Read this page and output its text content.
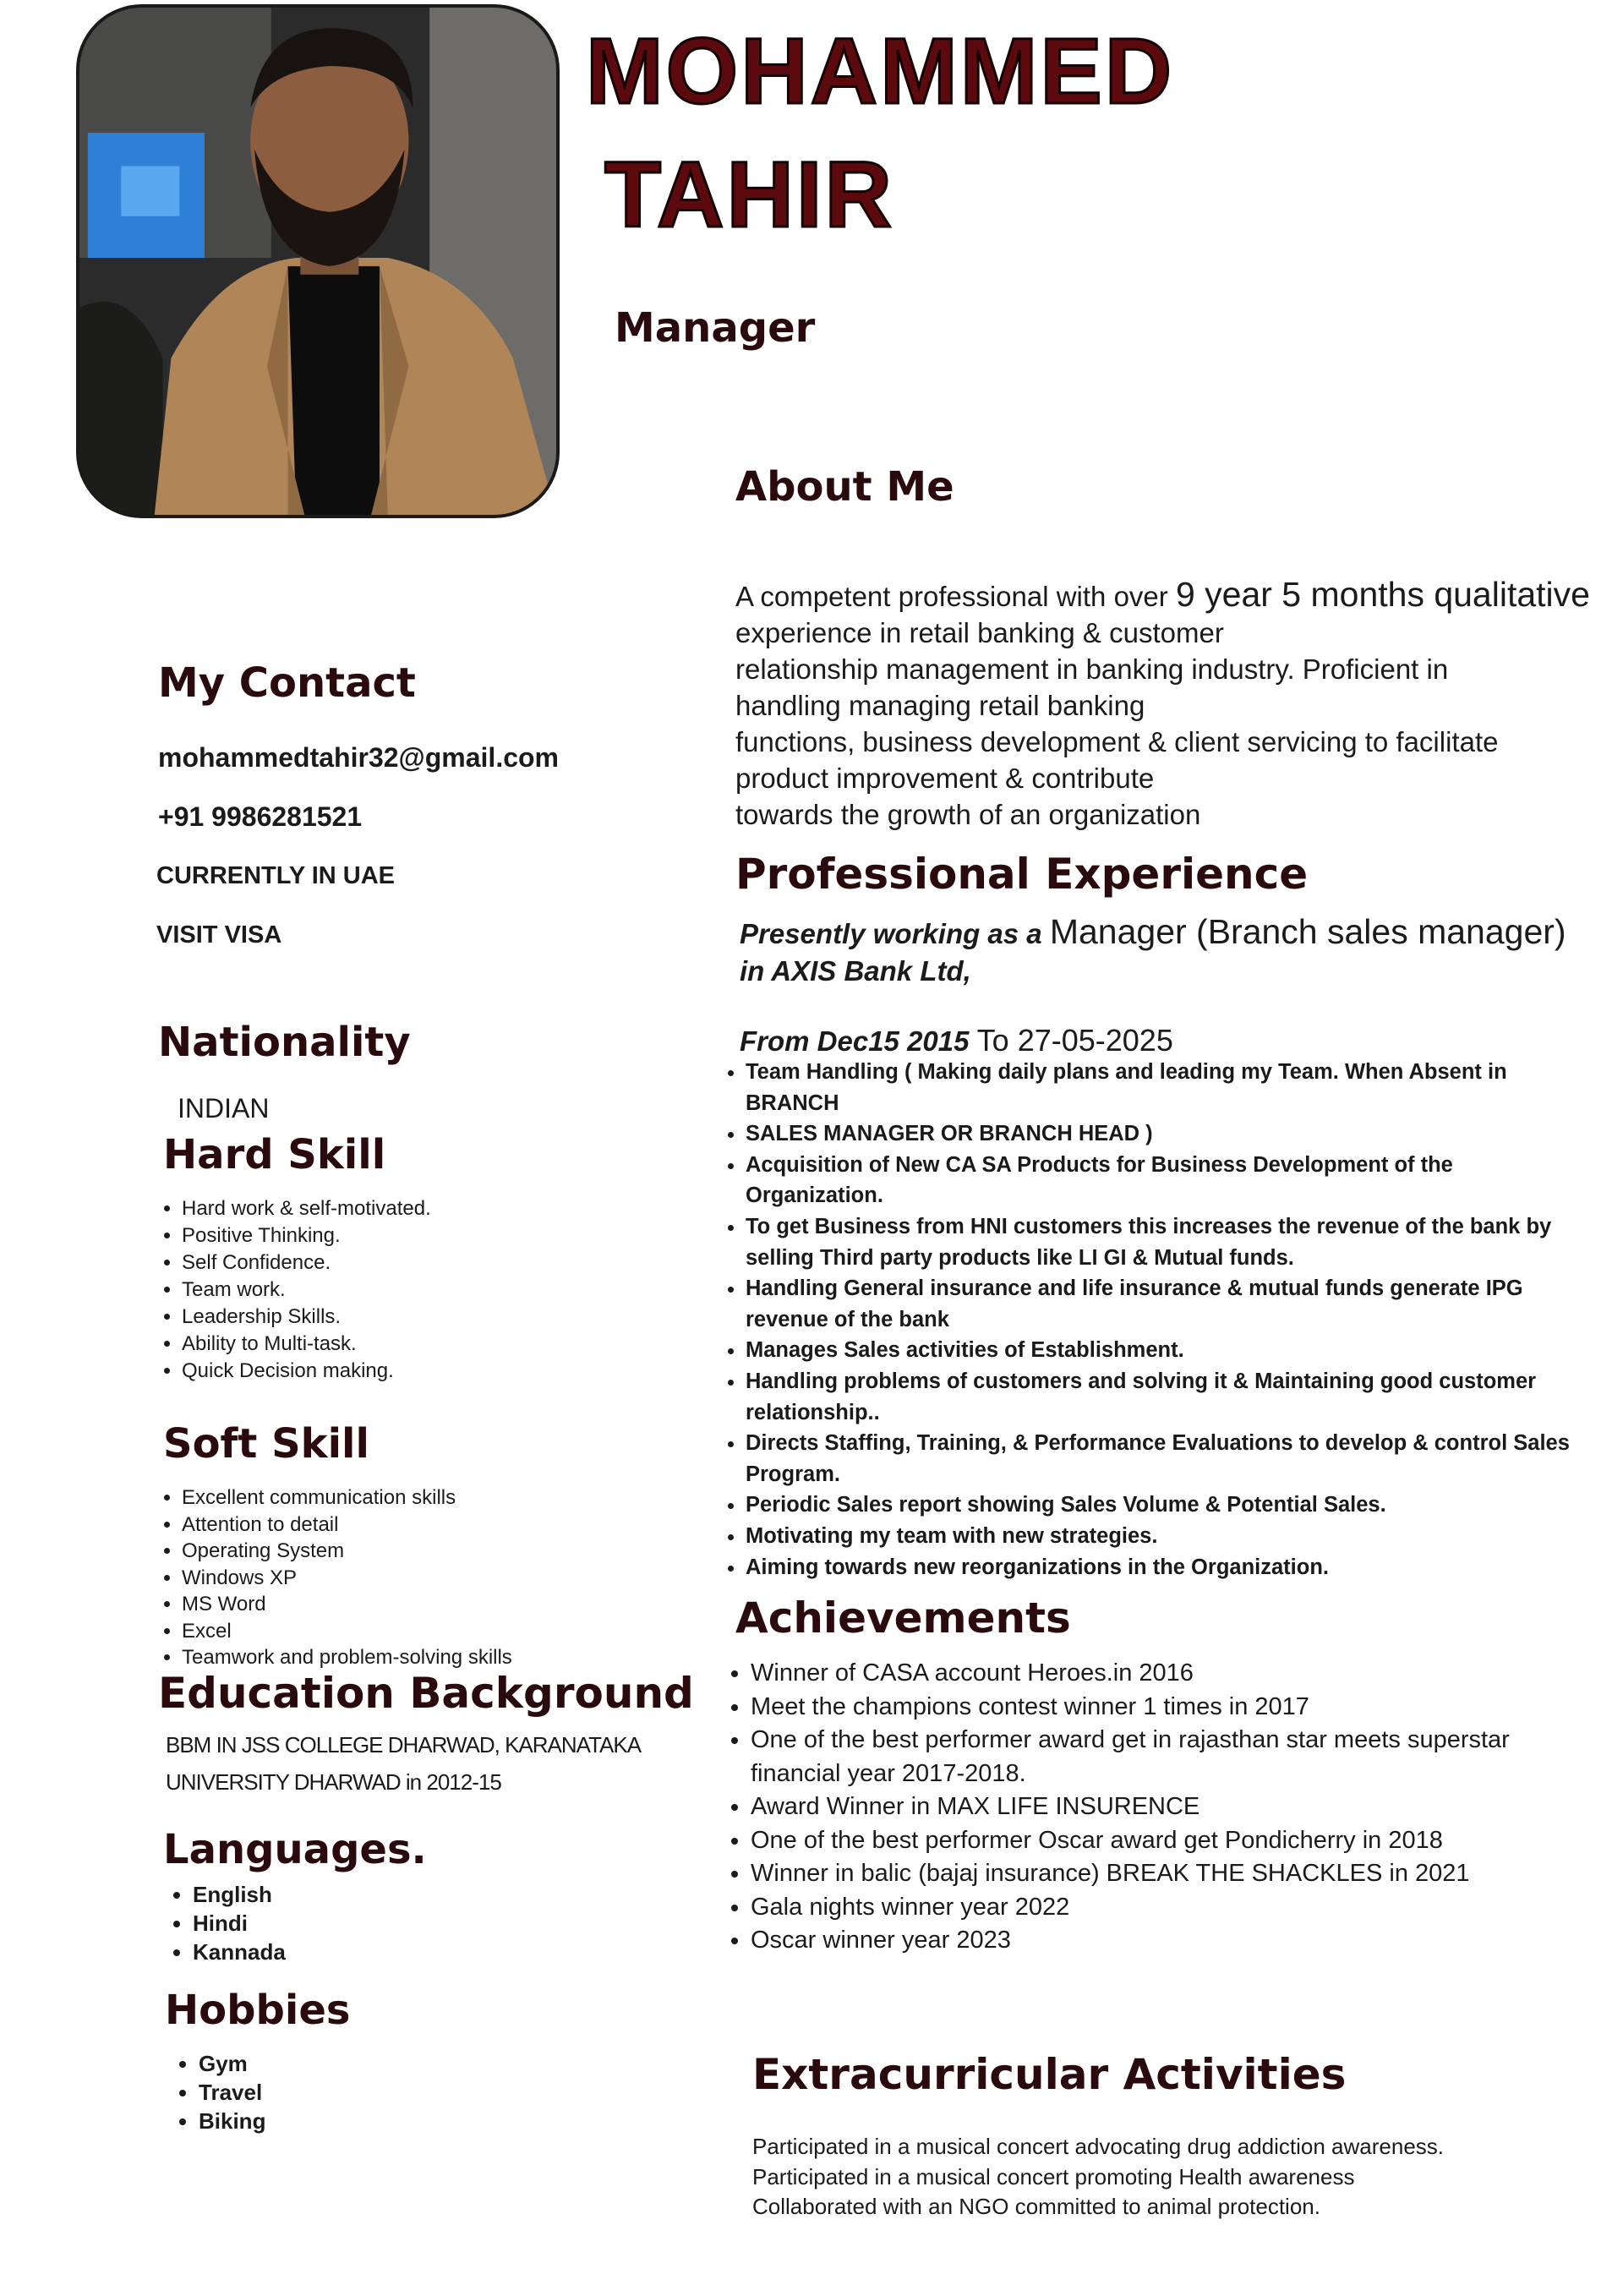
MOHAMMED
TAHIR
Manager
About Me
A competent professional with over 9 year 5 months qualitative
experience in retail banking & customer
relationship management in banking industry. Proficient in
handling managing retail banking
functions, business development & client servicing to facilitate
product improvement & contribute
towards the growth of an organization
Professional Experience
Presently working as a Manager (Branch sales manager)
in AXIS Bank Ltd,
From Dec15 2015 To 27-05-2025
• Team Handling ( Making daily plans and leading my Team. When Absent in BRANCH
• SALES MANAGER OR BRANCH HEAD )
• Acquisition of New CA SA Products for Business Development of the Organization.
• To get Business from HNI customers this increases the revenue of the bank by selling Third party products like LI GI & Mutual funds.
• Handling General insurance and life insurance & mutual funds generate IPG revenue of the bank
• Manages Sales activities of Establishment.
• Handling problems of customers and solving it & Maintaining good customer relationship..
• Directs Staffing, Training, & Performance Evaluations to develop & control Sales Program.
• Periodic Sales report showing Sales Volume & Potential Sales.
• Motivating my team with new strategies.
• Aiming towards new reorganizations in the Organization.
Achievements
• Winner of CASA account Heroes.in 2016
• Meet the champions contest winner 1 times in 2017
• One of the best performer award get in rajasthan star meets superstar financial year 2017-2018.
• Award Winner in MAX LIFE INSURENCE
• One of the best performer Oscar award get Pondicherry in 2018
• Winner in balic (bajaj insurance) BREAK THE SHACKLES in 2021
• Gala nights winner year 2022
• Oscar winner year 2023
Extracurricular Activities
Participated in a musical concert advocating drug addiction awareness.
Participated in a musical concert promoting Health awareness
Collaborated with an NGO committed to animal protection.
My Contact
mohammedtahir32@gmail.com
+91 9986281521
CURRENTLY IN UAE
VISIT VISA
Nationality
INDIAN
Hard Skill
• Hard work & self-motivated.
• Positive Thinking.
• Self Confidence.
• Team work.
• Leadership Skills.
• Ability to Multi-task.
• Quick Decision making.
Soft Skill
• Excellent communication skills
• Attention to detail
• Operating System
• Windows XP
• MS Word
• Excel
• Teamwork and problem-solving skills
Education Background
BBM IN JSS COLLEGE DHARWAD, KARANATAKA
UNIVERSITY DHARWAD in 2012-15
Languages.
• English
• Hindi
• Kannada
Hobbies
• Gym
• Travel
• Biking
